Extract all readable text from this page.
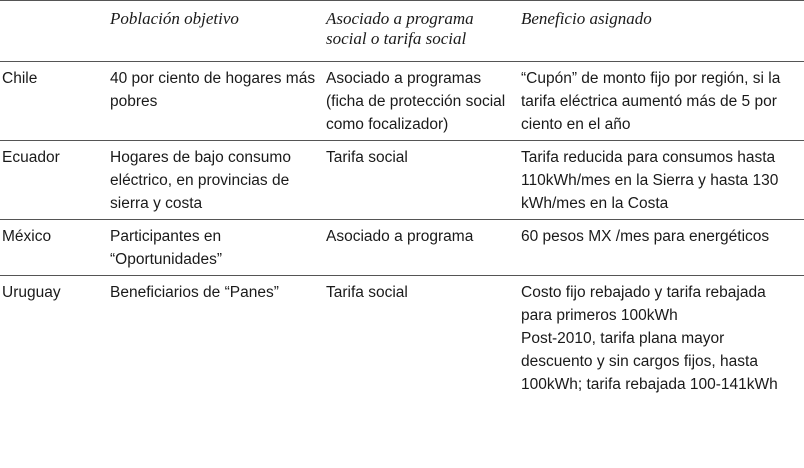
	Población objetivo	Asociado a programa social o tarifa social	Beneficio asignado
Chile	40 por ciento de hogares más pobres	Asociado a programas (ficha de protección social como focalizador)	“Cupón” de monto fijo por región, si la tarifa eléctrica aumentó más de 5 por ciento en el año
Ecuador	Hogares de bajo consumo eléctrico, en provincias de sierra y costa	Tarifa social	Tarifa reducida para consumos hasta 110kWh/mes en la Sierra y hasta 130 kWh/mes en la Costa
México	Participantes en “Oportunidades”	Asociado a programa	60 pesos MX /mes para energéticos
Uruguay	Beneficiarios de “Panes”	Tarifa social	Costo fijo rebajado y tarifa rebajada para primeros 100kWh
Post-2010, tarifa plana mayor descuento y sin cargos fijos, hasta 100kWh; tarifa rebajada 100-141kWh
